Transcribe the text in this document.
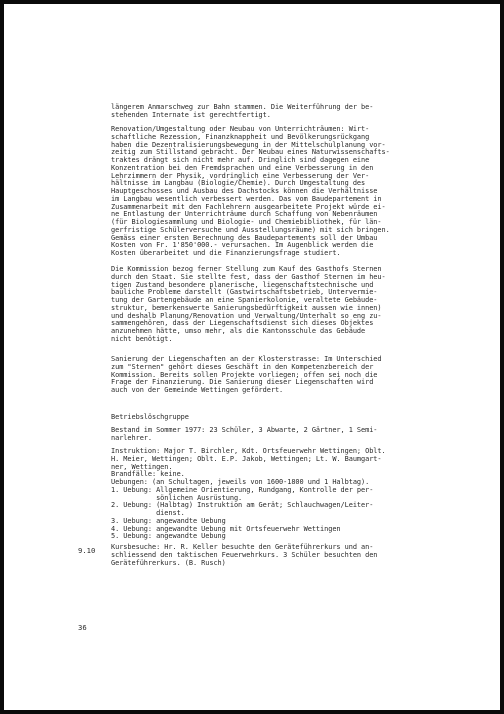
längerem Anmarschweg zur Bahn stammen. Die Weiterführung der be-
stehenden Internate ist gerechtfertigt.

Renovation/Umgestaltung oder Neubau von Unterrichträumen: Wirt-
schaftliche Rezession, Finanzknappheit und Bevölkerungsrückgang
haben die Dezentralisierungsbewegung in der Mittelschulplanung vor-
zeitig zum Stillstand gebracht. Der Neubau eines Naturwissenschafts-
traktes drängt sich nicht mehr auf. Dringlich sind dagegen eine
Konzentration bei den Fremdsprachen und eine Verbesserung in den
Lehrzimmern der Physik, vordringlich eine Verbesserung der Ver-
hältnisse im Langbau (Biologie/Chemie). Durch Umgestaltung des
Hauptgeschosses und Ausbau des Dachstocks können die Verhältnisse
im Langbau wesentlich verbessert werden. Das vom Baudepartement in
Zusammenarbeit mit den Fachlehrern ausgearbeitete Projekt würde ei-
ne Entlastung der Unterrichträume durch Schaffung von Nebenräumen
(für Biologiesammlung und Biologie- und Chemiebibliothek, für län-
gerfristige Schülerversuche und Ausstellungsräume) mit sich bringen.
Gemäss einer ersten Berechnung des Baudepartements soll der Umbau
Kosten von Fr. 1'850'000.- verursachen. Im Augenblick werden die
Kosten überarbeitet und die Finanzierungsfrage studiert.

Die Kommission bezog ferner Stellung zum Kauf des Gasthofs Sternen
durch den Staat. Sie stellte fest, dass der Gasthof Sternen im heu-
tigen Zustand besondere planerische, liegenschaftstechnische und
bauliche Probleme darstellt (Gastwirtschaftsbetrieb, Untervermie-
tung der Gartengebäude an eine Spanierkolonie, veraltete Gebäude-
struktur, bemerkenswerte Sanierungsbedürftigkeit aussen wie innen)
und deshalb Planung/Renovation und Verwaltung/Unterhalt so eng zu-
sammengehören, dass der Liegenschaftsdienst sich dieses Objektes
anzunehmen hätte, umso mehr, als die Kantonsschule das Gebäude
nicht benötigt.

Sanierung der Liegenschaften an der Klosterstrasse: Im Unterschied
zum "Sternen" gehört dieses Geschäft in den Kompetenzbereich der
Kommission. Bereits sollen Projekte vorliegen; offen sei noch die
Frage der Finanzierung. Die Sanierung dieser Liegenschaften wird
auch von der Gemeinde Wettingen gefördert.

Betriebslöschgruppe

Bestand im Sommer 1977: 23 Schüler, 3 Abwarte, 2 Gärtner, 1 Semi-
narlehrer.

Instruktion: Major T. Birchler, Kdt. Ortsfeuerwehr Wettingen; Oblt.
H. Meier, Wettingen; Oblt. E.P. Jakob, Wettingen; Lt. W. Baumgart-
ner, Wettingen.
Brandfälle: keine.
Uebungen: (an Schultagen, jeweils von 1600-1800 und 1 Halbtag).
1. Uebung: Allgemeine Orientierung, Rundgang, Kontrolle der per-
sönlichen Ausrüstung.
2. Uebung: (Halbtag) Instruktion am Gerät; Schlauchwagen/Leiter-
dienst.
3. Uebung: angewandte Uebung
4. Uebung: angewandte Uebung mit Ortsfeuerwehr Wettingen
5. Uebung: angewandte Uebung

Kursbesuche: Hr. R. Keller besuchte den Geräteführerkurs und an-
schliessend den taktischen Feuerwehrkurs. 3 Schüler besuchten den
Geräteführerkurs. (B. Rusch)

9.10
36
